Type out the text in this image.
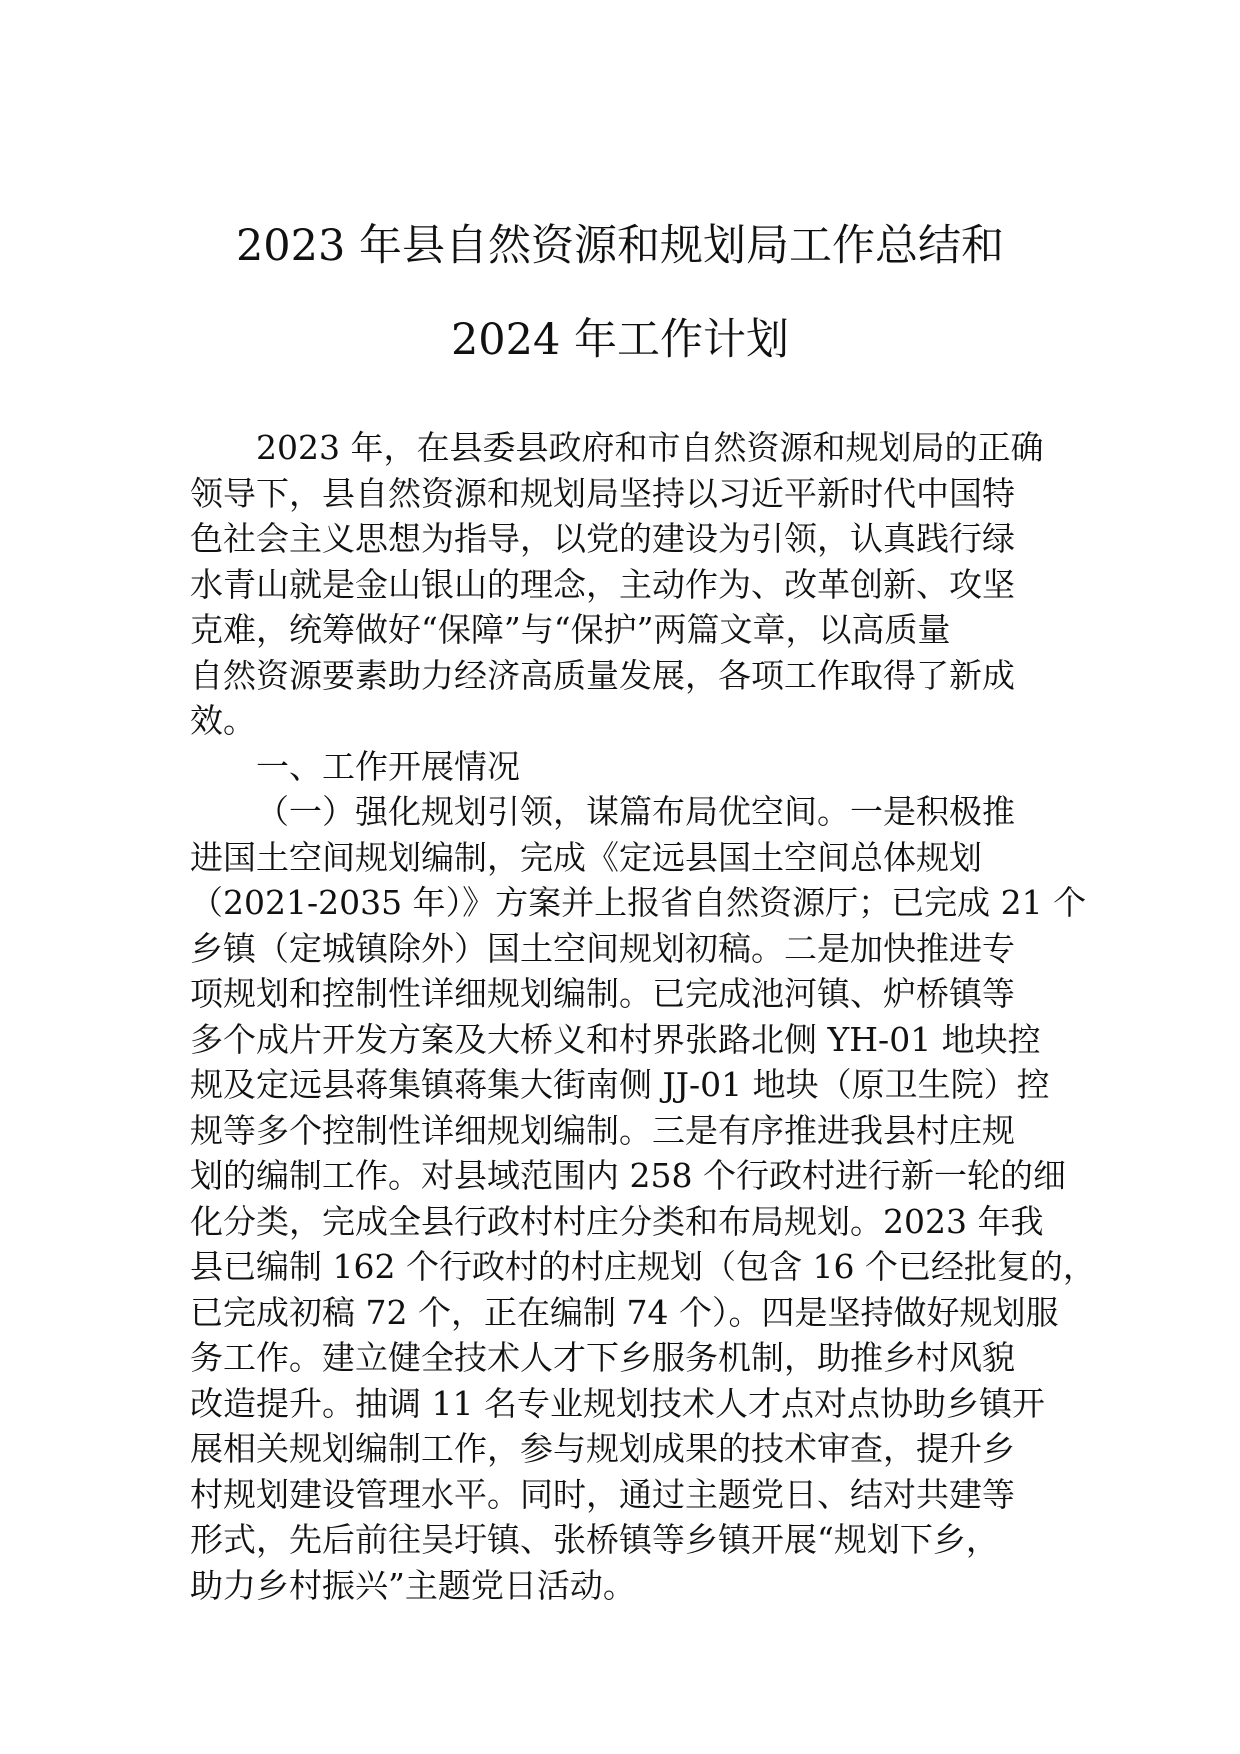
2023 年县自然资源和规划局工作总结和
2024 年工作计划

2023 年，在县委县政府和市自然资源和规划局的正确

领导下，县自然资源和规划局坚持以习近平新时代中国特

色社会主义思想为指导，以党的建设为引领，认真践行绿

水青山就是金山银山的理念，主动作为、改革创新、攻坚

克难，统筹做好“保障”与“保护”两篇文章，以高质量

自然资源要素助力经济高质量发展，各项工作取得了新成

效。

一、工作开展情况

（一）强化规划引领，谋篇布局优空间。一是积极推

进国土空间规划编制，完成《定远县国土空间总体规划

（2021-2035 年）》方案并上报省自然资源厅；已完成 21 个

乡镇（定城镇除外）国土空间规划初稿。二是加快推进专

项规划和控制性详细规划编制。已完成池河镇、炉桥镇等

多个成片开发方案及大桥义和村界张路北侧 YH-01 地块控

规及定远县蒋集镇蒋集大街南侧 JJ-01 地块（原卫生院）控

规等多个控制性详细规划编制。三是有序推进我县村庄规

划的编制工作。对县域范围内 258 个行政村进行新一轮的细

化分类，完成全县行政村村庄分类和布局规划。2023 年我

县已编制 162 个行政村的村庄规划（包含 16 个已经批复的，

已完成初稿 72 个，正在编制 74 个）。四是坚持做好规划服

务工作。建立健全技术人才下乡服务机制，助推乡村风貌

改造提升。抽调 11 名专业规划技术人才点对点协助乡镇开

展相关规划编制工作，参与规划成果的技术审查，提升乡

村规划建设管理水平。同时，通过主题党日、结对共建等

形式，先后前往吴圩镇、张桥镇等乡镇开展“规划下乡，

助力乡村振兴”主题党日活动。
